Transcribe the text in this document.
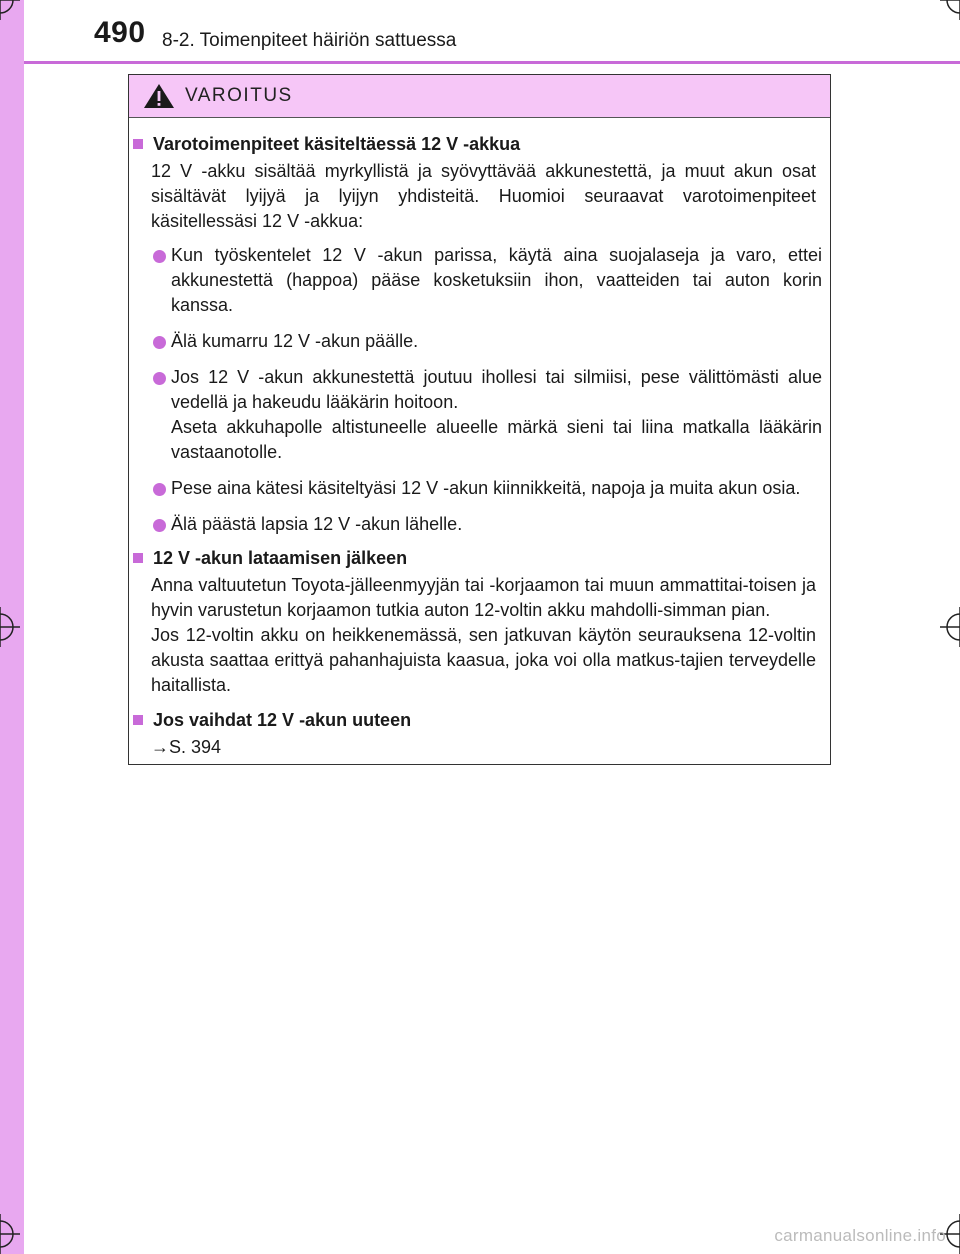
490 8-2. Toimenpiteet häiriön sattuessa
VAROITUS
Varotoimenpiteet käsiteltäessä 12 V -akkua
12 V -akku sisältää myrkyllistä ja syövyttävää akkunestettä, ja muut akun osat sisältävät lyijyä ja lyijyn yhdisteitä. Huomioi seuraavat varotoimenpiteet käsitellessäsi 12 V -akkua:
Kun työskentelet 12 V -akun parissa, käytä aina suojalaseja ja varo, ettei akkunestettä (happoa) pääse kosketuksiin ihon, vaatteiden tai auton korin kanssa.
Älä kumarru 12 V -akun päälle.
Jos 12 V -akun akkunestettä joutuu ihollesi tai silmiisi, pese välittömästi alue vedellä ja hakeudu lääkärin hoitoon.
Aseta akkuhapolle altistuneelle alueelle märkä sieni tai liina matkalla lääkärin vastaanotolle.
Pese aina kätesi käsiteltyäsi 12 V -akun kiinnikkeitä, napoja ja muita akun osia.
Älä päästä lapsia 12 V -akun lähelle.
12 V -akun lataamisen jälkeen
Anna valtuutetun Toyota-jälleenmyyjän tai -korjaamon tai muun ammattitai-toisen ja hyvin varustetun korjaamon tutkia auton 12-voltin akku mahdolli-simman pian.
Jos 12-voltin akku on heikkenemässä, sen jatkuvan käytön seurauksena 12-voltin akusta saattaa erittyä pahanhajuista kaasua, joka voi olla matkus-tajien terveydelle haitallista.
Jos vaihdat 12 V -akun uuteen
→S. 394
carmanualsonline.info
